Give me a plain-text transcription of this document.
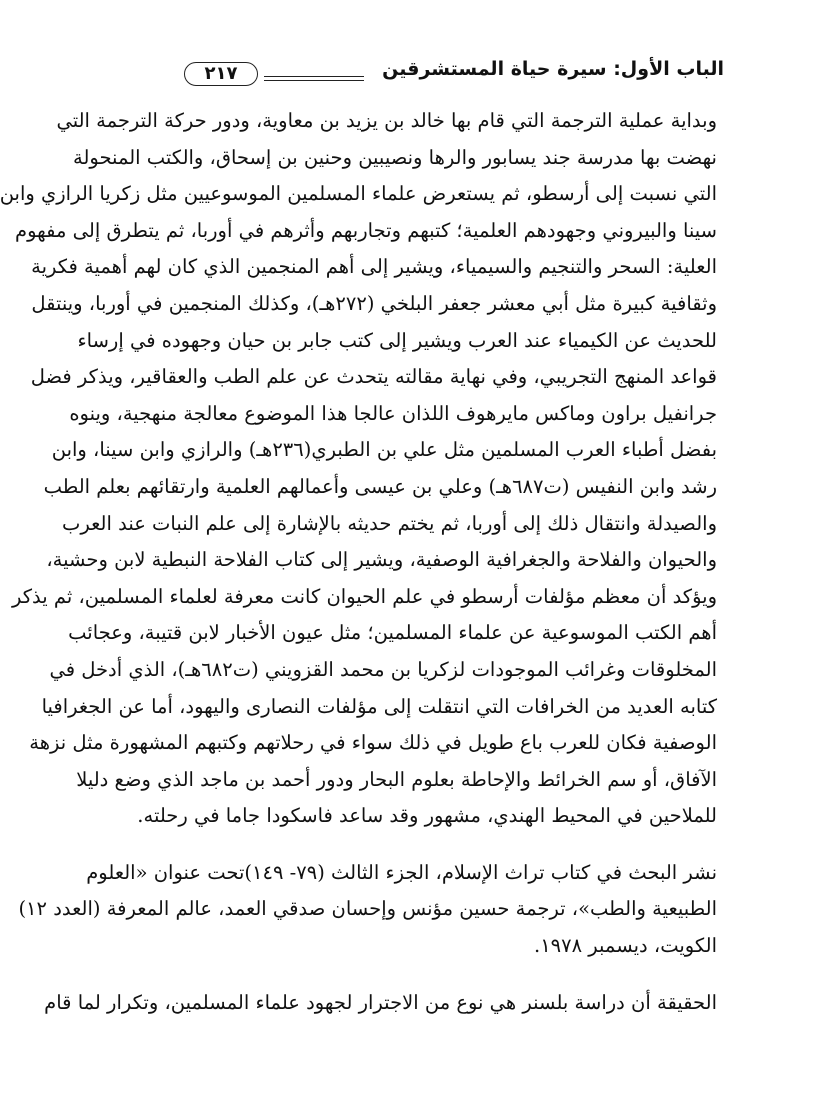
الباب الأول: سيرة حياة المستشرقين
٢١٧
وبداية عملية الترجمة التي قام بها خالد بن يزيد بن معاوية، ودور حركة الترجمة التي
نهضت بها مدرسة جند يسابور والرها ونصيبين وحنين بن إسحاق، والكتب المنحولة
التي نسبت إلى أرسطو، ثم يستعرض علماء المسلمين الموسوعيين مثل زكريا الرازي وابن
سينا والبيروني وجهودهم العلمية؛ كتبهم وتجاربهم وأثرهم في أوربا، ثم يتطرق إلى مفهوم
العلية: السحر والتنجيم والسيمياء، ويشير إلى أهم المنجمين الذي كان لهم أهمية فكرية
وثقافية كبيرة مثل أبي معشر جعفر البلخي (٢٧٢هـ)، وكذلك المنجمين في أوربا، وينتقل
للحديث عن الكيمياء عند العرب ويشير إلى كتب جابر بن حيان وجهوده في إرساء
قواعد المنهج التجريبي، وفي نهاية مقالته يتحدث عن علم الطب والعقاقير، ويذكر فضل
جرانفيل براون وماكس مايرهوف اللذان عالجا هذا الموضوع معالجة منهجية، وينوه
بفضل أطباء العرب المسلمين مثل علي بن الطبري(٢٣٦هـ) والرازي وابن سينا، وابن
رشد وابن النفيس (ت٦٨٧هـ) وعلي بن عيسى وأعمالهم العلمية وارتقائهم بعلم الطب
والصيدلة وانتقال ذلك إلى أوربا، ثم يختم حديثه بالإشارة إلى علم النبات عند العرب
والحيوان والفلاحة والجغرافية الوصفية، ويشير إلى كتاب الفلاحة النبطية لابن وحشية،
ويؤكد أن معظم مؤلفات أرسطو في علم الحيوان كانت معرفة لعلماء المسلمين، ثم يذكر
أهم الكتب الموسوعية عن علماء المسلمين؛ مثل عيون الأخبار لابن قتيبة، وعجائب
المخلوقات وغرائب الموجودات لزكريا بن محمد القزويني (ت٦٨٢هـ)، الذي أدخل في
كتابه العديد من الخرافات التي انتقلت إلى مؤلفات النصارى واليهود، أما عن الجغرافيا
الوصفية فكان للعرب باع طويل في ذلك سواء في رحلاتهم وكتبهم المشهورة مثل نزهة
الآفاق، أو سم الخرائط والإحاطة بعلوم البحار ودور أحمد بن ماجد الذي وضع دليلا
للملاحين في المحيط الهندي، مشهور وقد ساعد فاسكودا جاما في رحلته.
نشر البحث في كتاب تراث الإسلام، الجزء الثالث (٧٩- ١٤٩)تحت عنوان «العلوم
الطبيعية والطب»، ترجمة حسين مؤنس وإحسان صدقي العمد، عالم المعرفة (العدد ١٢)
الكويت، ديسمبر ١٩٧٨.
الحقيقة أن دراسة بلسنر هي نوع من الاجترار لجهود علماء المسلمين، وتكرار لما قام
